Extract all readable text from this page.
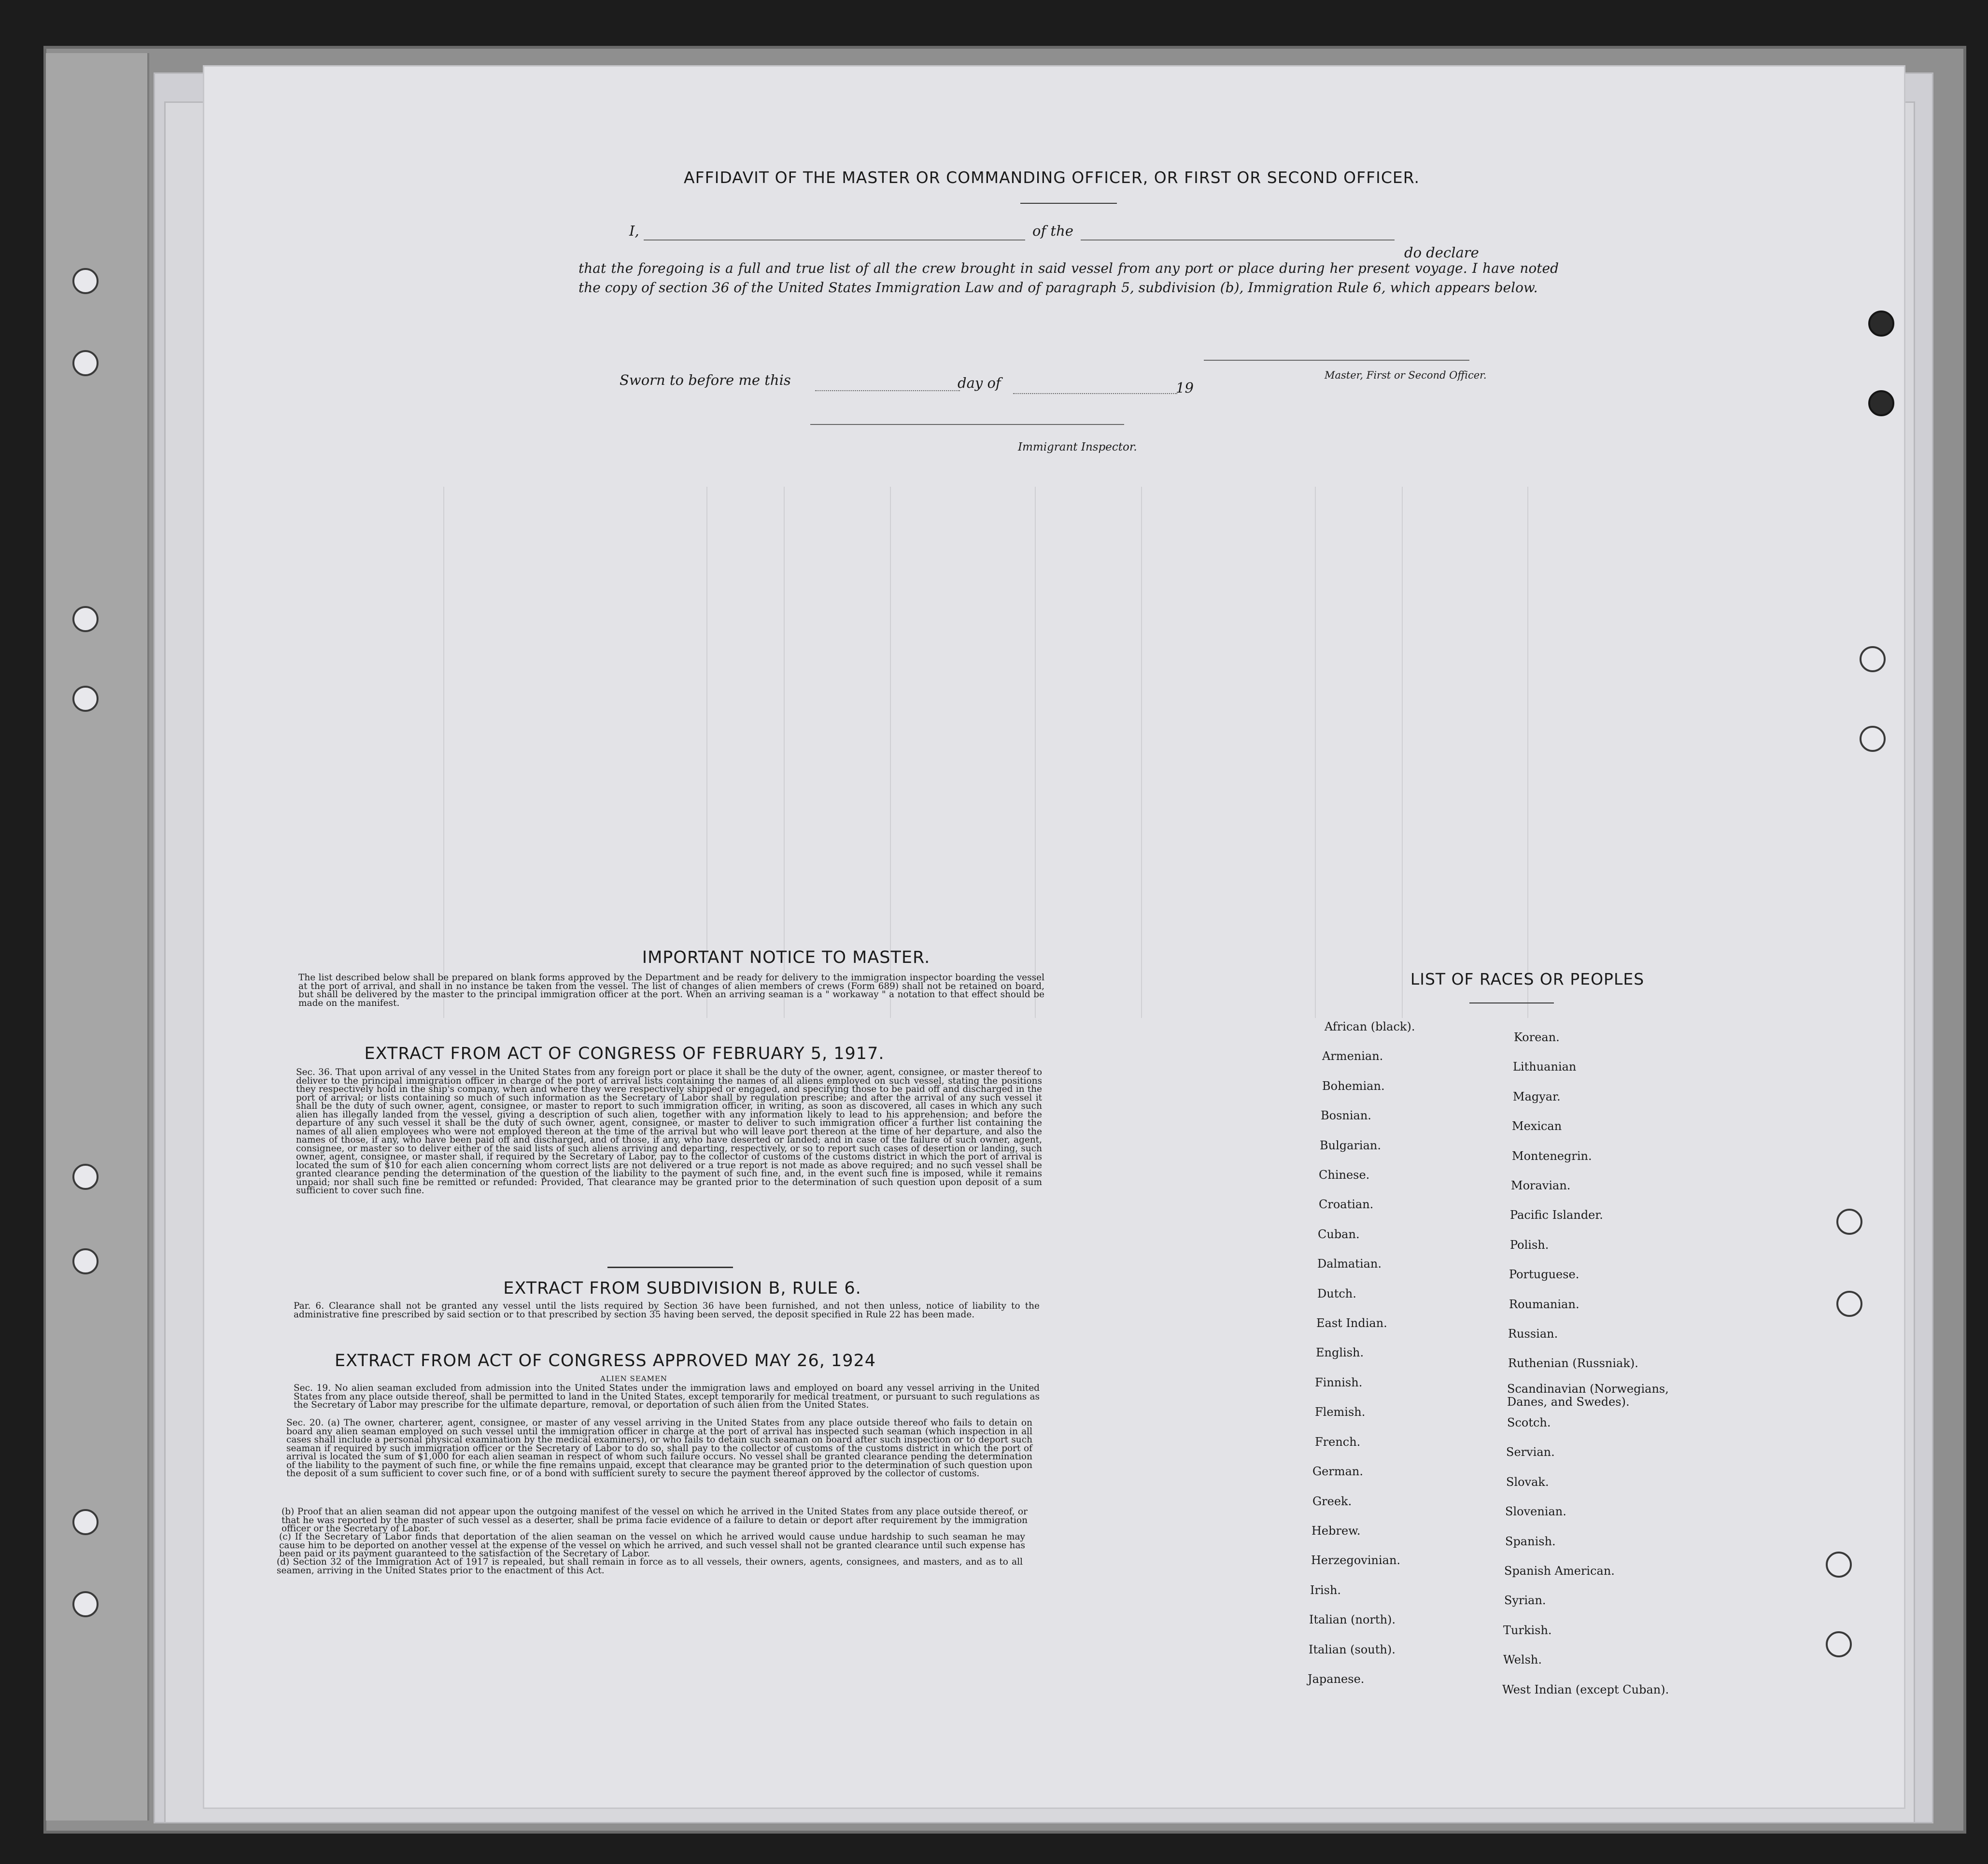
AFFIDAVIT OF THE MASTER OR COMMANDING OFFICER, OR FIRST OR SECOND OFFICER.
I,	of the
do declare
that the foregoing is a full and true list of all the crew brought in said vessel from any port or place during her present voyage. I have noted the copy of section 36 of the United States Immigration Law and of paragraph 5, subdivision (b), Immigration Rule 6, which appears below.
Master, First or Second Officer.
Sworn to before me this	day of	19
Immigrant Inspector.
IMPORTANT NOTICE TO MASTER.
The list described below shall be prepared on blank forms approved by the Department and be ready for delivery to the immigration inspector boarding the vessel at the port of arrival, and shall in no instance be taken from the vessel. The list of changes of alien members of crews (Form 689) shall not be retained on board, but shall be delivered by the master to the principal immigration officer at the port. When an arriving seaman is a " workaway " a notation to that effect should be made on the manifest.
EXTRACT FROM ACT OF CONGRESS OF FEBRUARY 5, 1917.
Sec. 36. That upon arrival of any vessel in the United States from any foreign port or place it shall be the duty of the owner, agent, consignee, or master thereof to deliver to the principal immigration officer in charge of the port of arrival lists containing the names of all aliens employed on such vessel, stating the positions they respectively hold in the ship's company, when and where they were respectively shipped or engaged, and specifying those to be paid off and discharged in the port of arrival; or lists containing so much of such information as the Secretary of Labor shall by regulation prescribe; and after the arrival of any such vessel it shall be the duty of such owner, agent, consignee, or master to report to such immigration officer, in writing, as soon as discovered, all cases in which any such alien has illegally landed from the vessel, giving a description of such alien, together with any information likely to lead to his apprehension; and before the departure of any such vessel it shall be the duty of such owner, agent, consignee, or master to deliver to such immigration officer a further list containing the names of all alien employees who were not employed thereon at the time of the arrival but who will leave port thereon at the time of her departure, and also the names of those, if any, who have been paid off and discharged, and of those, if any, who have deserted or landed; and in case of the failure of such owner, agent, consignee, or master so to deliver either of the said lists of such aliens arriving and departing, respectively, or so to report such cases of desertion or landing, such owner, agent, consignee, or master shall, if required by the Secretary of Labor, pay to the collector of customs of the customs district in which the port of arrival is located the sum of $10 for each alien concerning whom correct lists are not delivered or a true report is not made as above required; and no such vessel shall be granted clearance pending the determination of the question of the liability to the payment of such fine, and, in the event such fine is imposed, while it remains unpaid; nor shall such fine be remitted or refunded: Provided, That clearance may be granted prior to the determination of such question upon deposit of a sum sufficient to cover such fine.
EXTRACT FROM SUBDIVISION B, RULE 6.
Par. 6. Clearance shall not be granted any vessel until the lists required by Section 36 have been furnished, and not then unless, notice of liability to the administrative fine prescribed by said section or to that prescribed by section 35 having been served, the deposit specified in Rule 22 has been made.
EXTRACT FROM ACT OF CONGRESS APPROVED MAY 26, 1924
ALIEN SEAMEN
Sec. 19. No alien seaman excluded from admission into the United States under the immigration laws and employed on board any vessel arriving in the United States from any place outside thereof, shall be permitted to land in the United States, except temporarily for medical treatment, or pursuant to such regulations as the Secretary of Labor may prescribe for the ultimate departure, removal, or deportation of such alien from the United States.
Sec. 20. (a) The owner, charterer, agent, consignee, or master of any vessel arriving in the United States from any place outside thereof who fails to detain on board any alien seaman employed on such vessel until the immigration officer in charge at the port of arrival has inspected such seaman (which inspection in all cases shall include a personal physical examination by the medical examiners), or who fails to detain such seaman on board after such inspection or to deport such seaman if required by such immigration officer or the Secretary of Labor to do so, shall pay to the collector of customs of the customs district in which the port of arrival is located the sum of $1,000 for each alien seaman in respect of whom such failure occurs. No vessel shall be granted clearance pending the determination of the liability to the payment of such fine, or while the fine remains unpaid, except that clearance may be granted prior to the determination of such question upon the deposit of a sum sufficient to cover such fine, or of a bond with sufficient surety to secure the payment thereof approved by the collector of customs.
(b) Proof that an alien seaman did not appear upon the outgoing manifest of the vessel on which he arrived in the United States from any place outside thereof, or that he was reported by the master of such vessel as a deserter, shall be prima facie evidence of a failure to detain or deport after requirement by the immigration officer or the Secretary of Labor.
(c) If the Secretary of Labor finds that deportation of the alien seaman on the vessel on which he arrived would cause undue hardship to such seaman he may cause him to be deported on another vessel at the expense of the vessel on which he arrived, and such vessel shall not be granted clearance until such expense has been paid or its payment guaranteed to the satisfaction of the Secretary of Labor.
(d) Section 32 of the Immigration Act of 1917 is repealed, but shall remain in force as to all vessels, their owners, agents, consignees, and masters, and as to all seamen, arriving in the United States prior to the enactment of this Act.
LIST OF RACES OR PEOPLES
African (black).
Armenian.
Bohemian.
Bosnian.
Bulgarian.
Chinese.
Croatian.
Cuban.
Dalmatian.
Dutch.
East Indian.
English.
Finnish.
Flemish.
French.
German.
Greek.
Hebrew.
Herzegovinian.
Irish.
Italian (north).
Italian (south).
Japanese.
Korean.
Lithuanian
Magyar.
Mexican
Montenegrin.
Moravian.
Pacific Islander.
Polish.
Portuguese.
Roumanian.
Russian.
Ruthenian (Russniak).
Scandinavian (Norwegians, Danes, and Swedes).
Scotch.
Servian.
Slovak.
Slovenian.
Spanish.
Spanish American.
Syrian.
Turkish.
Welsh.
West Indian (except Cuban).
